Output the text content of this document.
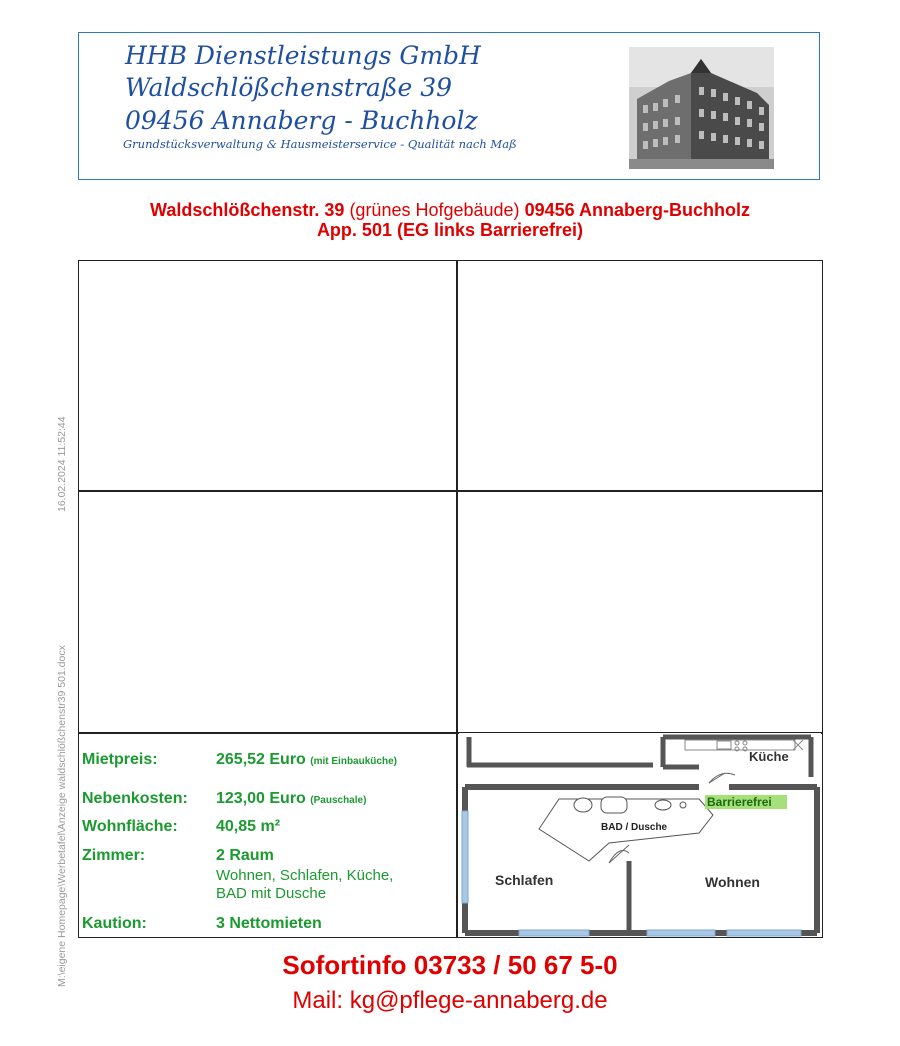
HHB Dienstleistungs GmbH
Waldschlößchenstraße 39
09456 Annaberg - Buchholz
Grundstücksverwaltung & Hausmeisterservice - Qualität nach Maß
Waldschlößchenstr. 39 (grünes Hofgebäude) 09456 Annaberg-Buchholz
App. 501 (EG links Barrierefrei)
Mietpreis:	265,52 Euro (mit Einbauküche)
Nebenkosten: 123,00 Euro (Pauschale)
Wohnfläche: 40,85 m²
Zimmer:	2 Raum
Wohnen, Schlafen, Küche,
BAD mit Dusche
Kaution:	3 Nettomieten
Küche
BAD / Dusche
Barrierefrei
Schlafen	Wohnen
Sofortinfo 03733 / 50 67 5-0
Mail: kg@pflege-annaberg.de
16.02.2024 11:52:44
M:\eigene Homepage\Werbetafel\Anzeige waldschlößchenstr39 501.docx
